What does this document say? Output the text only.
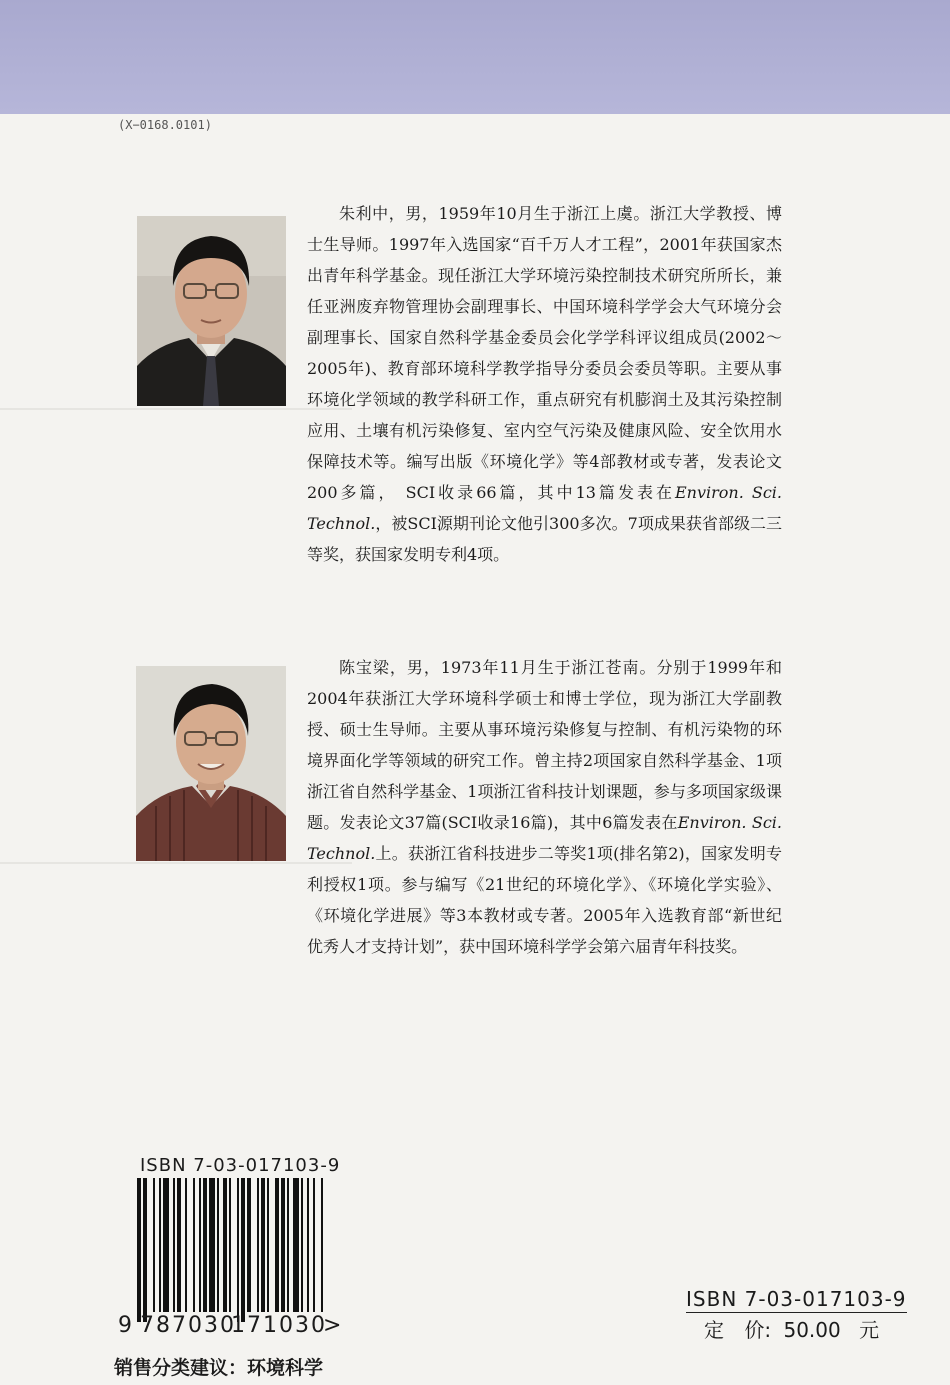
(X−0168.0101)

朱利中，男，1959年10月生于浙江上虞。浙江大学教授、博士生导师。1997年入选国家“百千万人才工程”，2001年获国家杰出青年科学基金。现任浙江大学环境污染控制技术研究所所长，兼任亚洲废弃物管理协会副理事长、中国环境科学学会大气环境分会副理事长、国家自然科学基金委员会化学学科评议组成员(2002～2005年)、教育部环境科学教学指导分委员会委员等职。主要从事环境化学领域的教学科研工作，重点研究有机膨润土及其污染控制应用、土壤有机污染修复、室内空气污染及健康风险、安全饮用水保障技术等。编写出版《环境化学》等4部教材或专著，发表论文200多篇， SCI收录66篇，其中13篇发表在Environ. Sci. Technol.，被SCI源期刊论文他引300多次。7项成果获省部级二三等奖，获国家发明专利4项。

陈宝梁，男，1973年11月生于浙江苍南。分别于1999年和2004年获浙江大学环境科学硕士和博士学位，现为浙江大学副教授、硕士生导师。主要从事环境污染修复与控制、有机污染物的环境界面化学等领域的研究工作。曾主持2项国家自然科学基金、1项浙江省自然科学基金、1项浙江省科技计划课题，参与多项国家级课题。发表论文37篇(SCI收录16篇)，其中6篇发表在Environ. Sci. Technol.上。获浙江省科技进步二等奖1项(排名第2)，国家发明专利授权1项。参与编写《21世纪的环境化学》、《环境化学实验》、《环境化学进展》等3本教材或专著。2005年入选教育部“新世纪优秀人才支持计划”，获中国环境科学学会第六届青年科技奖。

ISBN 7-03-017103-9
9 787030
171030
>
销售分类建议：环境科学
ISBN 7-03-017103-9
定 价: 50.00 元
